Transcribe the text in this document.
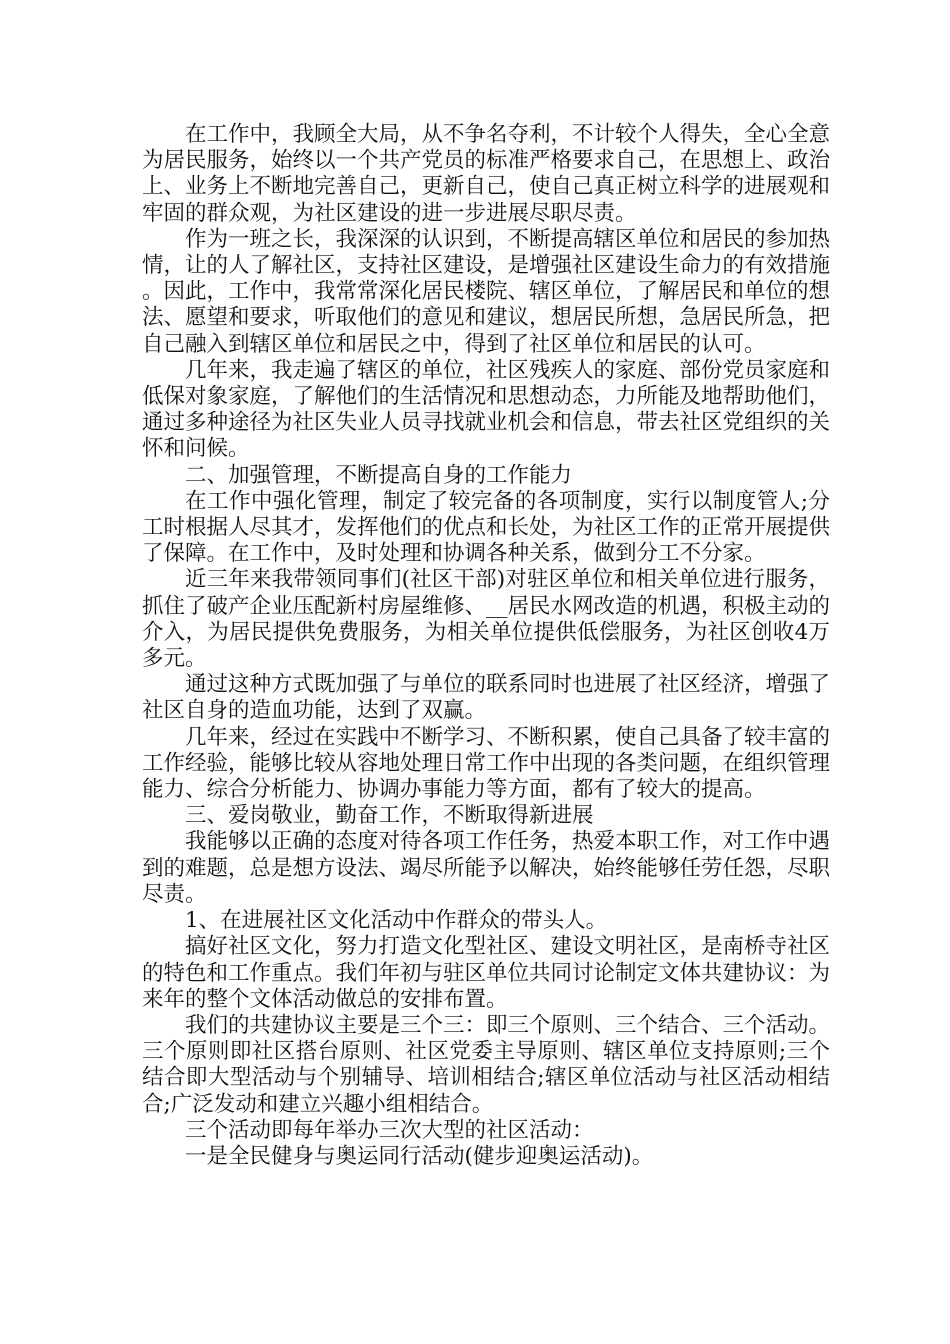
在工作中，我顾全大局，从不争名夺利，不计较个人得失，全心全意为居民服务，始终以一个共产党员的标准严格要求自己，在思想上、政治上、业务上不断地完善自己，更新自己，使自己真正树立科学的进展观和牢固的群众观，为社区建设的进一步进展尽职尽责。

作为一班之长，我深深的认识到，不断提高辖区单位和居民的参加热情，让的人了解社区，支持社区建设，是增强社区建设生命力的有效措施。因此，工作中，我常常深化居民楼院、辖区单位，了解居民和单位的想法、愿望和要求，听取他们的意见和建议，想居民所想，急居民所急，把自己融入到辖区单位和居民之中，得到了社区单位和居民的认可。

几年来，我走遍了辖区的单位，社区残疾人的家庭、部份党员家庭和低保对象家庭，了解他们的生活情况和思想动态，力所能及地帮助他们，通过多种途径为社区失业人员寻找就业机会和信息，带去社区党组织的关怀和问候。

二、加强管理，不断提高自身的工作能力

在工作中强化管理，制定了较完备的各项制度，实行以制度管人;分工时根据人尽其才，发挥他们的优点和长处，为社区工作的正常开展提供了保障。在工作中，及时处理和协调各种关系，做到分工不分家。

近三年来我带领同事们(社区干部)对驻区单位和相关单位进行服务，抓住了破产企业压配新村房屋维修、__居民水网改造的机遇，积极主动的介入，为居民提供免费服务，为相关单位提供低偿服务，为社区创收4万多元。

通过这种方式既加强了与单位的联系同时也进展了社区经济，增强了社区自身的造血功能，达到了双赢。

几年来，经过在实践中不断学习、不断积累，使自己具备了较丰富的工作经验，能够比较从容地处理日常工作中出现的各类问题，在组织管理能力、综合分析能力、协调办事能力等方面，都有了较大的提高。

三、爱岗敬业，勤奋工作，不断取得新进展

我能够以正确的态度对待各项工作任务，热爱本职工作，对工作中遇到的难题，总是想方设法、竭尽所能予以解决，始终能够任劳任怨，尽职尽责。

1、在进展社区文化活动中作群众的带头人。

搞好社区文化，努力打造文化型社区、建设文明社区，是南桥寺社区的特色和工作重点。我们年初与驻区单位共同讨论制定文体共建协议：为来年的整个文体活动做总的安排布置。

我们的共建协议主要是三个三：即三个原则、三个结合、三个活动。三个原则即社区搭台原则、社区党委主导原则、辖区单位支持原则;三个结合即大型活动与个别辅导、培训相结合;辖区单位活动与社区活动相结合;广泛发动和建立兴趣小组相结合。

三个活动即每年举办三次大型的社区活动：

一是全民健身与奥运同行活动(健步迎奥运活动)。
